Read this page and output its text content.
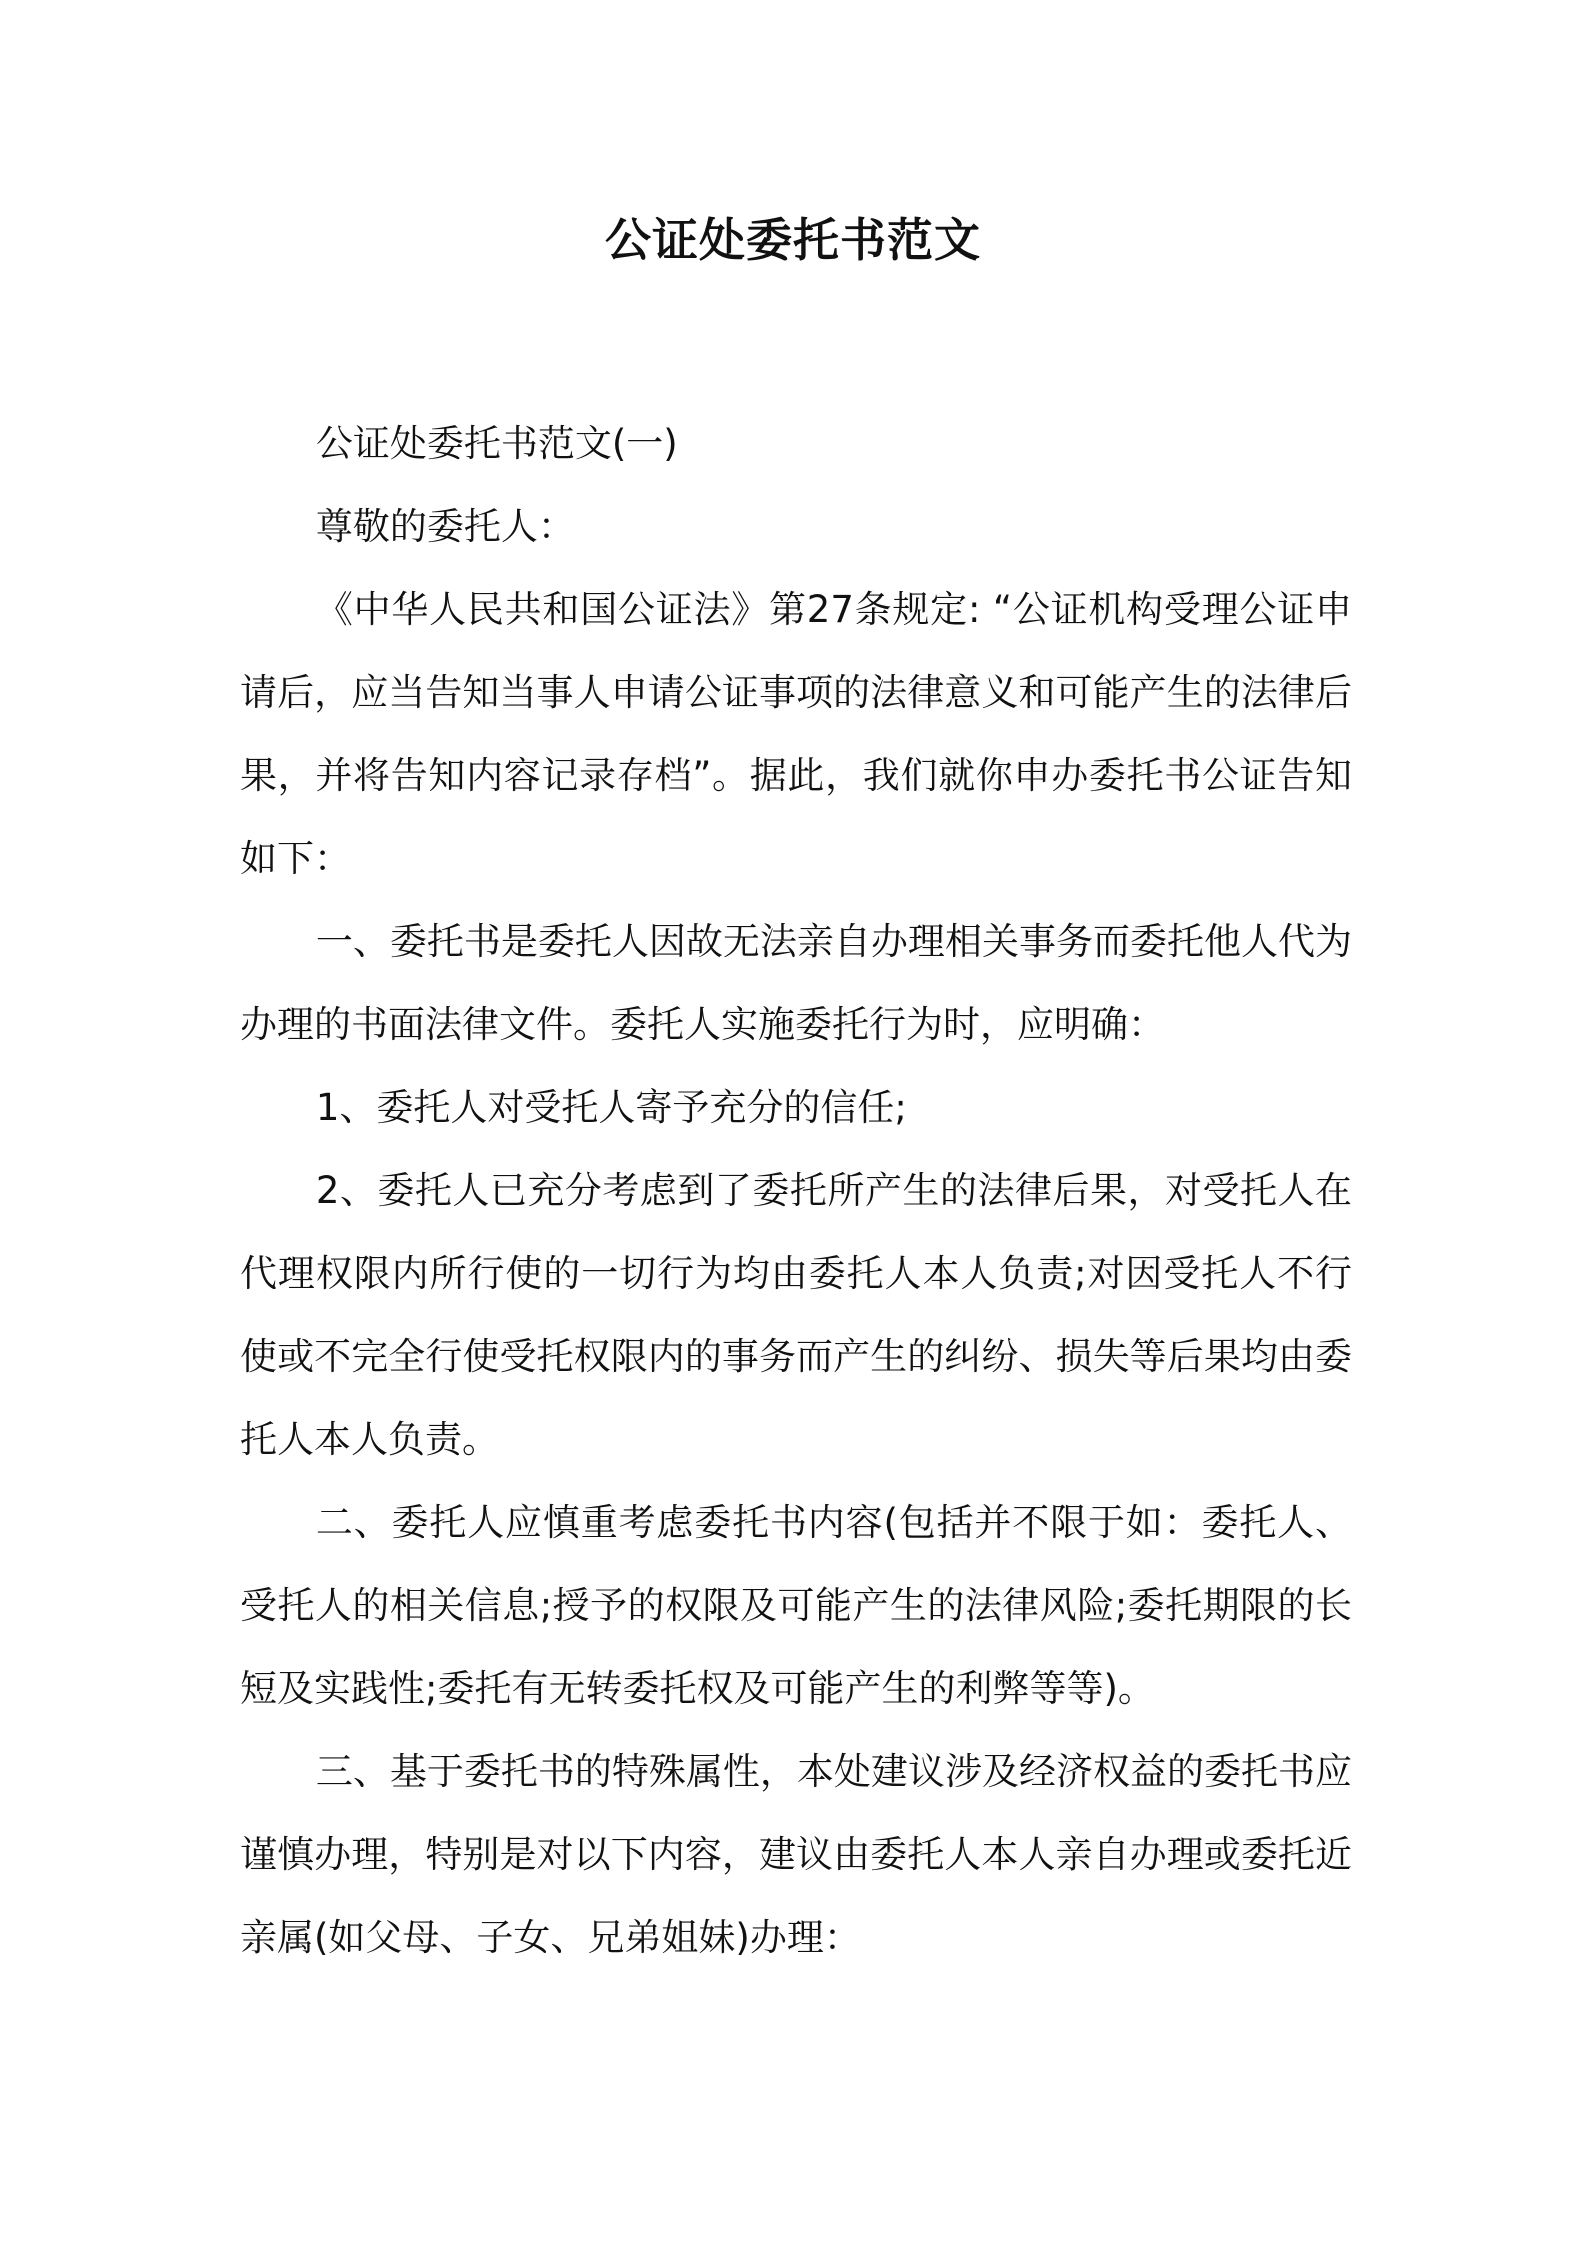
公证处委托书范文

公证处委托书范文(一)

尊敬的委托人：

《中华人民共和国公证法》第27条规定: “公证机构受理公证申请后，应当告知当事人申请公证事项的法律意义和可能产生的法律后果，并将告知内容记录存档”。据此，我们就你申办委托书公证告知如下：

一、委托书是委托人因故无法亲自办理相关事务而委托他人代为办理的书面法律文件。委托人实施委托行为时，应明确：

1、委托人对受托人寄予充分的信任;

2、委托人已充分考虑到了委托所产生的法律后果，对受托人在代理权限内所行使的一切行为均由委托人本人负责;对因受托人不行使或不完全行使受托权限内的事务而产生的纠纷、损失等后果均由委托人本人负责。

二、委托人应慎重考虑委托书内容(包括并不限于如：委托人、受托人的相关信息;授予的权限及可能产生的法律风险;委托期限的长短及实践性;委托有无转委托权及可能产生的利弊等等)。

三、基于委托书的特殊属性，本处建议涉及经济权益的委托书应谨慎办理，特别是对以下内容，建议由委托人本人亲自办理或委托近亲属(如父母、子女、兄弟姐妹)办理：
